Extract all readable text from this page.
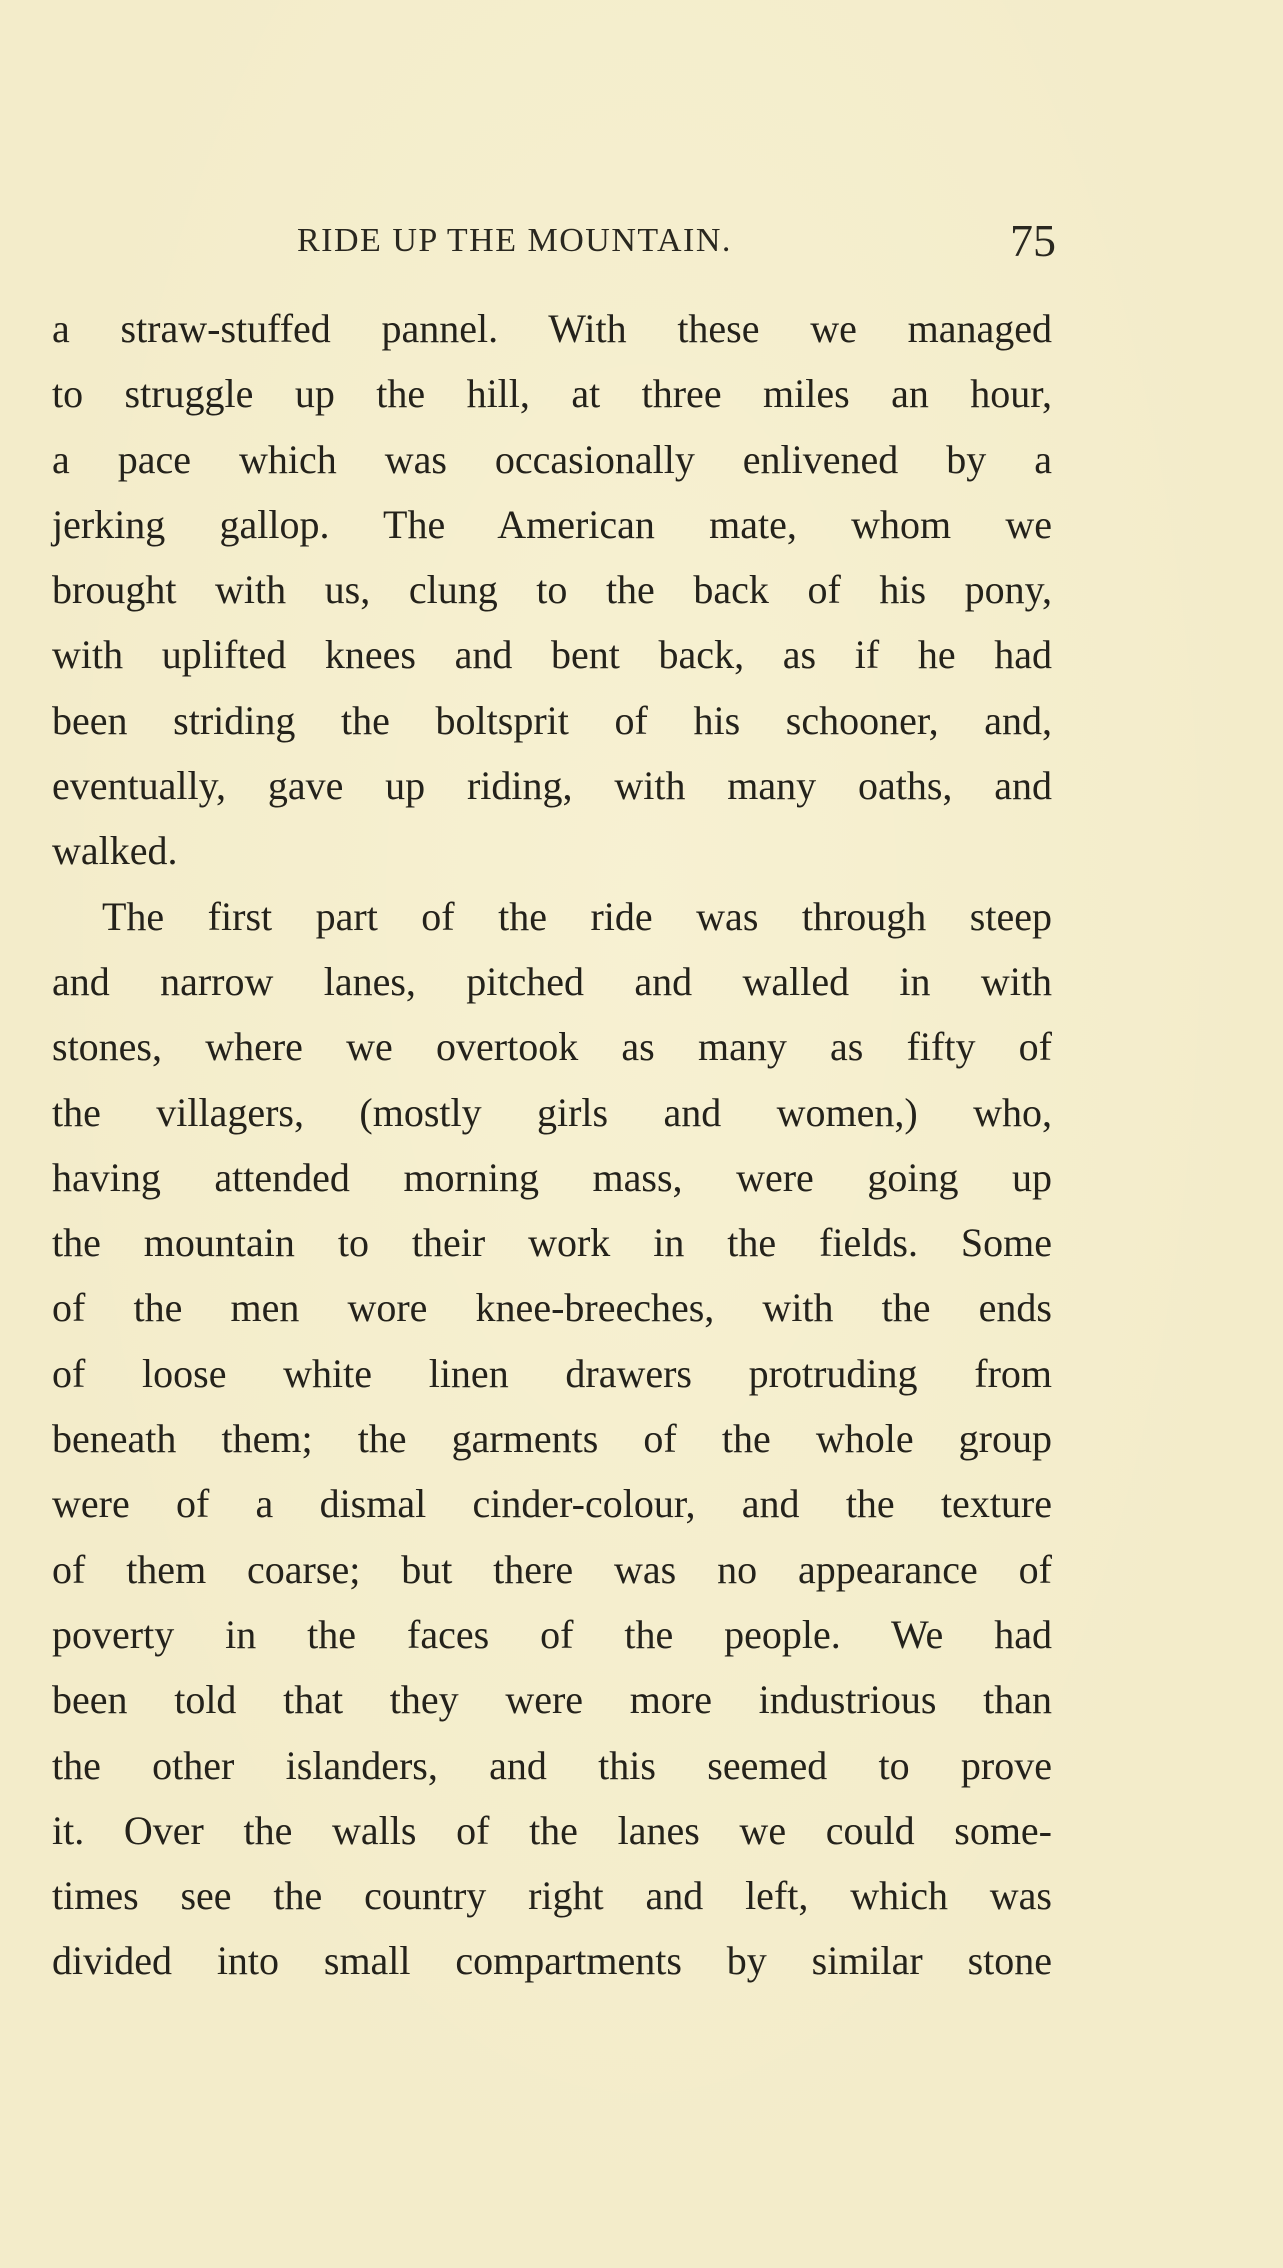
RIDE UP THE MOUNTAIN.	75
a straw-stuffed pannel. With these we managed
to struggle up the hill, at three miles an hour,
a pace which was occasionally enlivened by a
jerking gallop. The American mate, whom we
brought with us, clung to the back of his pony,
with uplifted knees and bent back, as if he had
been striding the boltsprit of his schooner, and,
eventually, gave up riding, with many oaths, and
walked.
The first part of the ride was through steep
and narrow lanes, pitched and walled in with
stones, where we overtook as many as fifty of
the villagers, (mostly girls and women,) who,
having attended morning mass, were going up
the mountain to their work in the fields. Some
of the men wore knee-breeches, with the ends
of loose white linen drawers protruding from
beneath them; the garments of the whole group
were of a dismal cinder-colour, and the texture
of them coarse; but there was no appearance of
poverty in the faces of the people. We had
been told that they were more industrious than
the other islanders, and this seemed to prove
it. Over the walls of the lanes we could some-
times see the country right and left, which was
divided into small compartments by similar stone
